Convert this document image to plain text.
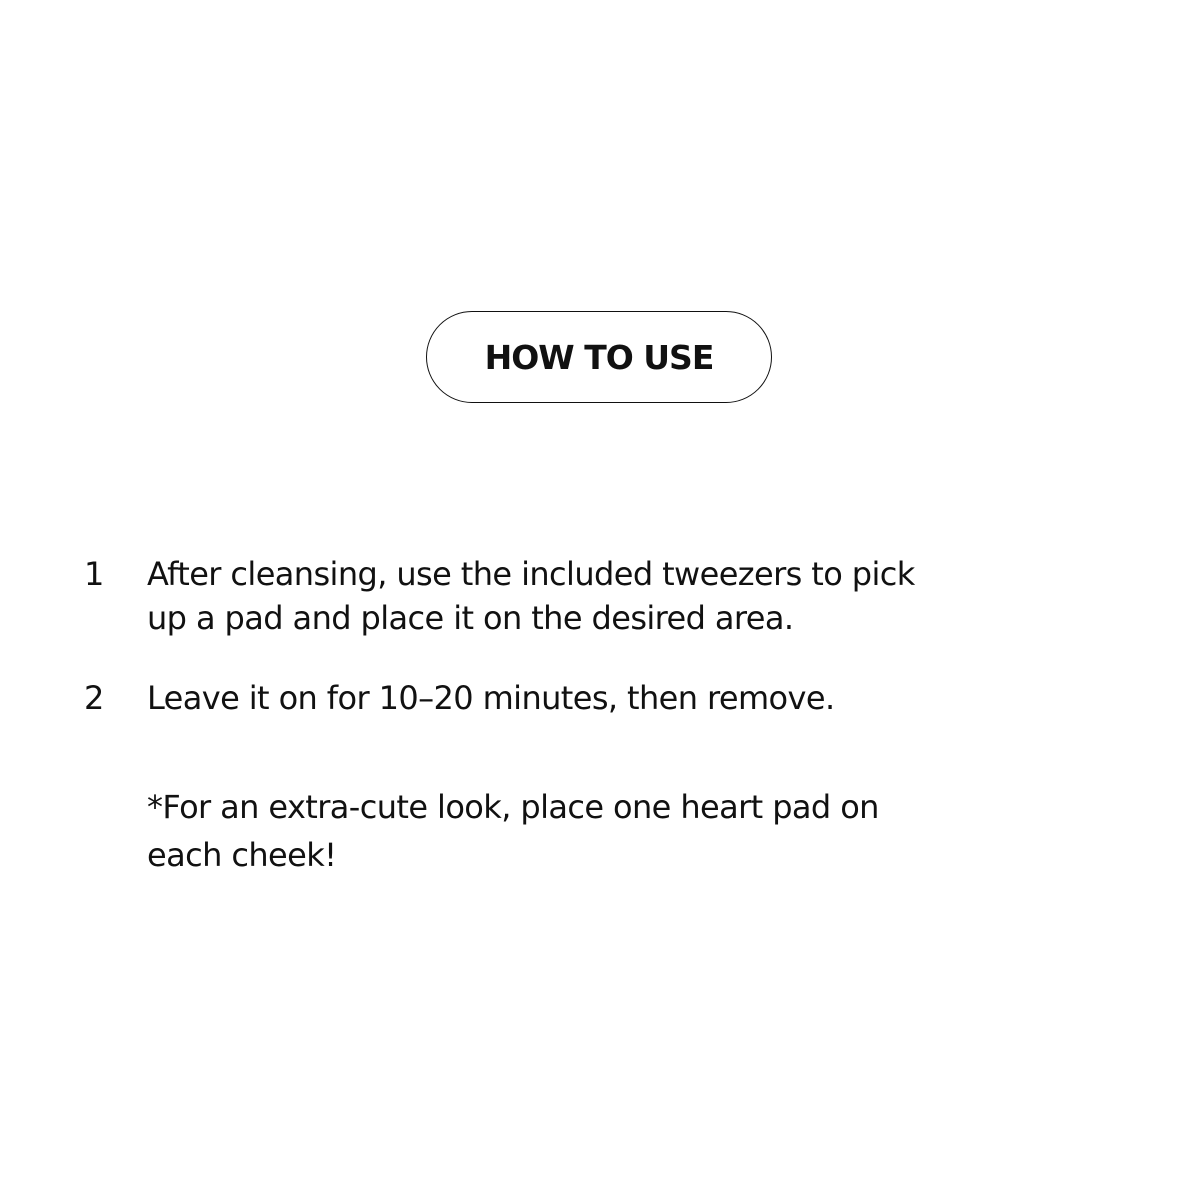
HOW TO USE
1	After cleansing, use the included tweezers to pick
up a pad and place it on the desired area.
2	Leave it on for 10–20 minutes, then remove.
*For an extra-cute look, place one heart pad on
each cheek!
